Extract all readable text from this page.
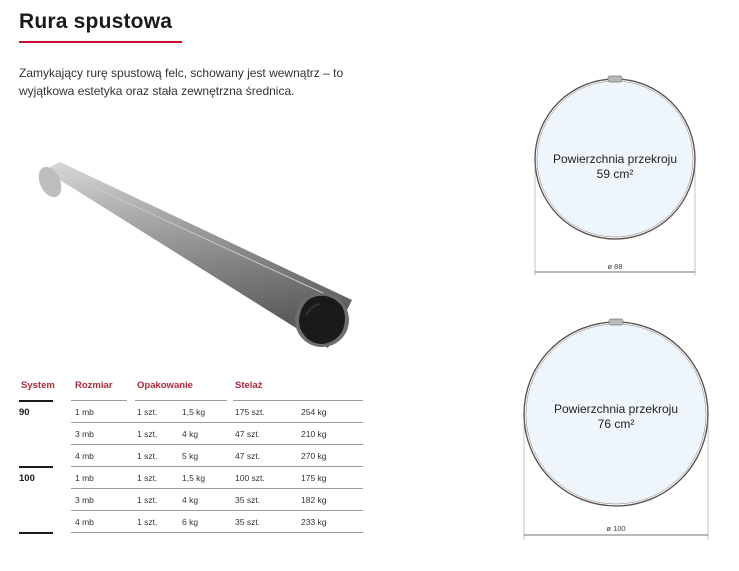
Rura spustowa

Zamykający rurę spustową felc, schowany jest wewnątrz – to wyjątkowa estetyka oraz stała zewnętrzna średnica.

System Rozmiar	Opakowanie	Stelaż
90	1 mb	1 szt.	1,5 kg	175 szt.	254 kg
3 mb	1 szt.	4 kg	47 szt.	210 kg
4 mb	1 szt.	5 kg	47 szt.	270 kg
100	1 mb	1 szt.	1,5 kg	100 szt.	175 kg
3 mb	1 szt.	4 kg	35 szt.	182 kg
4 mb	1 szt.	6 kg	35 szt.	233 kg
Powierzchnia przekroju
59 cm²
ø 88
Powierzchnia przekroju
76 cm²
ø 100
